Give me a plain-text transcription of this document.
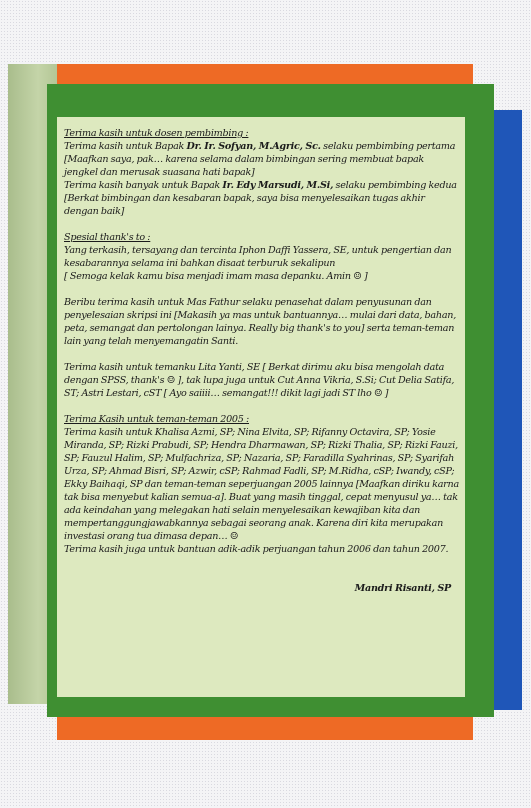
Terima kasih untuk dosen pembimbing :
Terima kasih untuk Bapak Dr. Ir. Sofyan, M.Agric, Sc. selaku pembimbing pertama
[Maafkan saya, pak… karena selama dalam bimbingan sering membuat bapak jengkel dan merusak suasana hati bapak]
Terima kasih banyak untuk Bapak Ir. Edy Marsudi, M.Si, selaku pembimbing kedua
[Berkat bimbingan dan kesabaran bapak, saya bisa menyelesaikan tugas akhir dengan baik]

Spesial thank's to :
Yang terkasih, tersayang dan tercinta Iphon Daffi Yassera, SE, untuk pengertian dan kesabarannya selama ini bahkan disaat terburuk sekalipun
[ Semoga kelak kamu bisa menjadi imam masa depanku. Amin ☺ ]

Beribu terima kasih untuk Mas Fathur selaku penasehat dalam penyusunan dan penyelesaian skripsi ini [Makasih ya mas untuk bantuannya… mulai dari data, bahan, peta, semangat dan pertolongan lainya. Really big thank's to you] serta teman-teman lain yang telah menyemangatin Santi.

Terima kasih untuk temanku Lita Yanti, SE [ Berkat dirimu aku bisa mengolah data dengan SPSS, thank's ☺ ], tak lupa juga untuk Cut Anna Vikria, S.Si; Cut Delia Satifa, ST; Astri Lestari, cST [ Ayo saiiii… semangat!!! dikit lagi jadi ST lho ☺ ]

Terima Kasih untuk teman-teman 2005 :
Terima kasih untuk Khalisa Azmi, SP; Nina Elvita, SP; Rifanny Octavira, SP; Yosie Miranda, SP; Rizki Prabudi, SP; Hendra Dharmawan, SP; Rizki Thalia, SP; Rizki Fauzi, SP; Fauzul Halim, SP; Mulfachriza, SP; Nazaria, SP; Faradilla Syahrinas, SP; Syarifah Urza, SP; Ahmad Bisri, SP; Azwir, cSP; Rahmad Fadli, SP; M.Ridha, cSP; Iwandy, cSP; Ekky Baihaqi, SP dan teman-teman seperjuangan 2005 lainnya [Maafkan diriku karna tak bisa menyebut kalian semua-a]. Buat yang masih tinggal, cepat menyusul ya… tak ada keindahan yang melegakan hati selain menyelesaikan kewajiban kita dan mempertanggungjawabkannya sebagai seorang anak. Karena diri kita merupakan investasi orang tua dimasa depan… ☺
Terima kasih juga untuk bantuan adik-adik perjuangan tahun 2006 dan tahun 2007.

Mandri Risanti, SP
